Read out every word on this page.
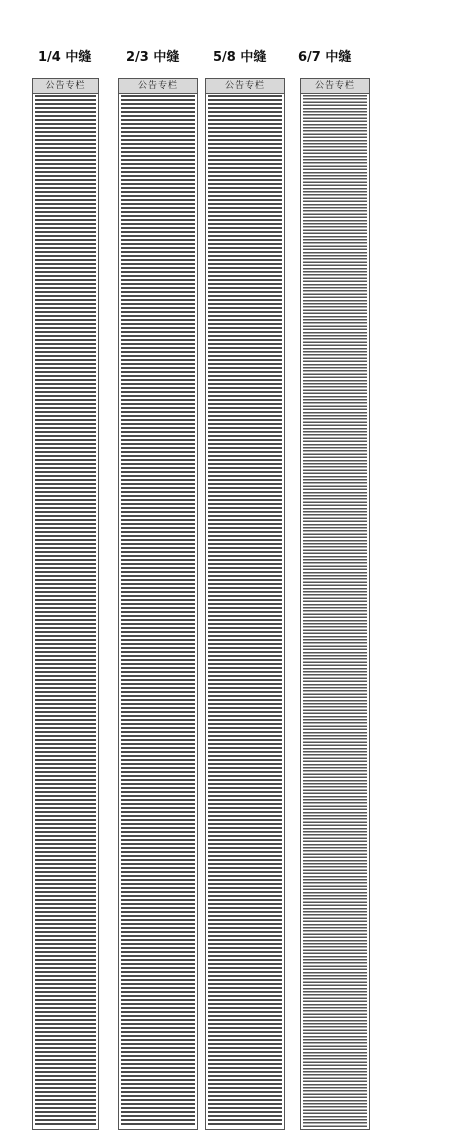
1/4 中缝	2/3 中缝	5/8 中缝 6/7 中缝
公告专栏	公告专栏	公告专栏	公告专栏
